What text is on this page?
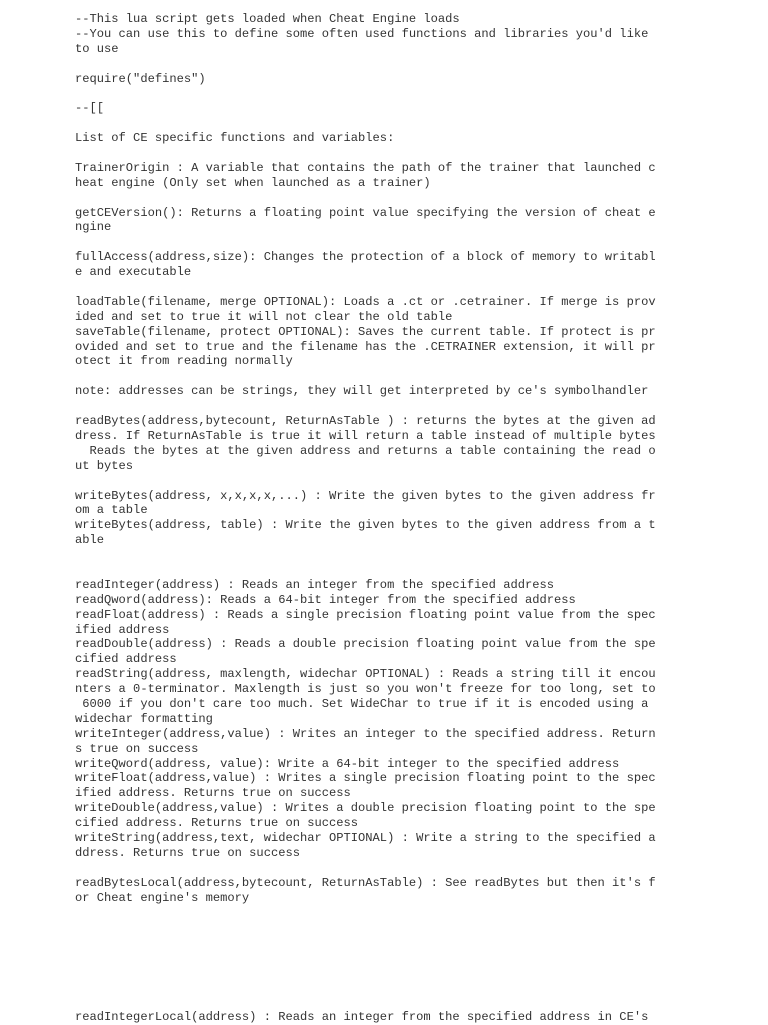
--This lua script gets loaded when Cheat Engine loads
--You can use this to define some often used functions and libraries you'd like
to use
require("defines")
--[[
List of CE specific functions and variables:
TrainerOrigin : A variable that contains the path of the trainer that launched c
heat engine (Only set when launched as a trainer)
getCEVersion(): Returns a floating point value specifying the version of cheat e
ngine
fullAccess(address,size): Changes the protection of a block of memory to writabl
e and executable
loadTable(filename, merge OPTIONAL): Loads a .ct or .cetrainer. If merge is prov
ided and set to true it will not clear the old table
saveTable(filename, protect OPTIONAL): Saves the current table. If protect is pr
ovided and set to true and the filename has the .CETRAINER extension, it will pr
otect it from reading normally
note: addresses can be strings, they will get interpreted by ce's symbolhandler
readBytes(address,bytecount, ReturnAsTable ) : returns the bytes at the given ad
dress. If ReturnAsTable is true it will return a table instead of multiple bytes
Reads the bytes at the given address and returns a table containing the read o
ut bytes
writeBytes(address, x,x,x,x,...) : Write the given bytes to the given address fr
om a table
writeBytes(address, table) : Write the given bytes to the given address from a t
able
readInteger(address) : Reads an integer from the specified address
readQword(address): Reads a 64-bit integer from the specified address
readFloat(address) : Reads a single precision floating point value from the spec
ified address
readDouble(address) : Reads a double precision floating point value from the spe
cified address
readString(address, maxlength, widechar OPTIONAL) : Reads a string till it encou
nters a 0-terminator. Maxlength is just so you won't freeze for too long, set to
6000 if you don't care too much. Set WideChar to true if it is encoded using a
widechar formatting
writeInteger(address,value) : Writes an integer to the specified address. Return
s true on success
writeQword(address, value): Write a 64-bit integer to the specified address
writeFloat(address,value) : Writes a single precision floating point to the spec
ified address. Returns true on success
writeDouble(address,value) : Writes a double precision floating point to the spe
cified address. Returns true on success
writeString(address,text, widechar OPTIONAL) : Write a string to the specified a
ddress. Returns true on success
readBytesLocal(address,bytecount, ReturnAsTable) : See readBytes but then it's f
or Cheat engine's memory
readIntegerLocal(address) : Reads an integer from the specified address in CE's
